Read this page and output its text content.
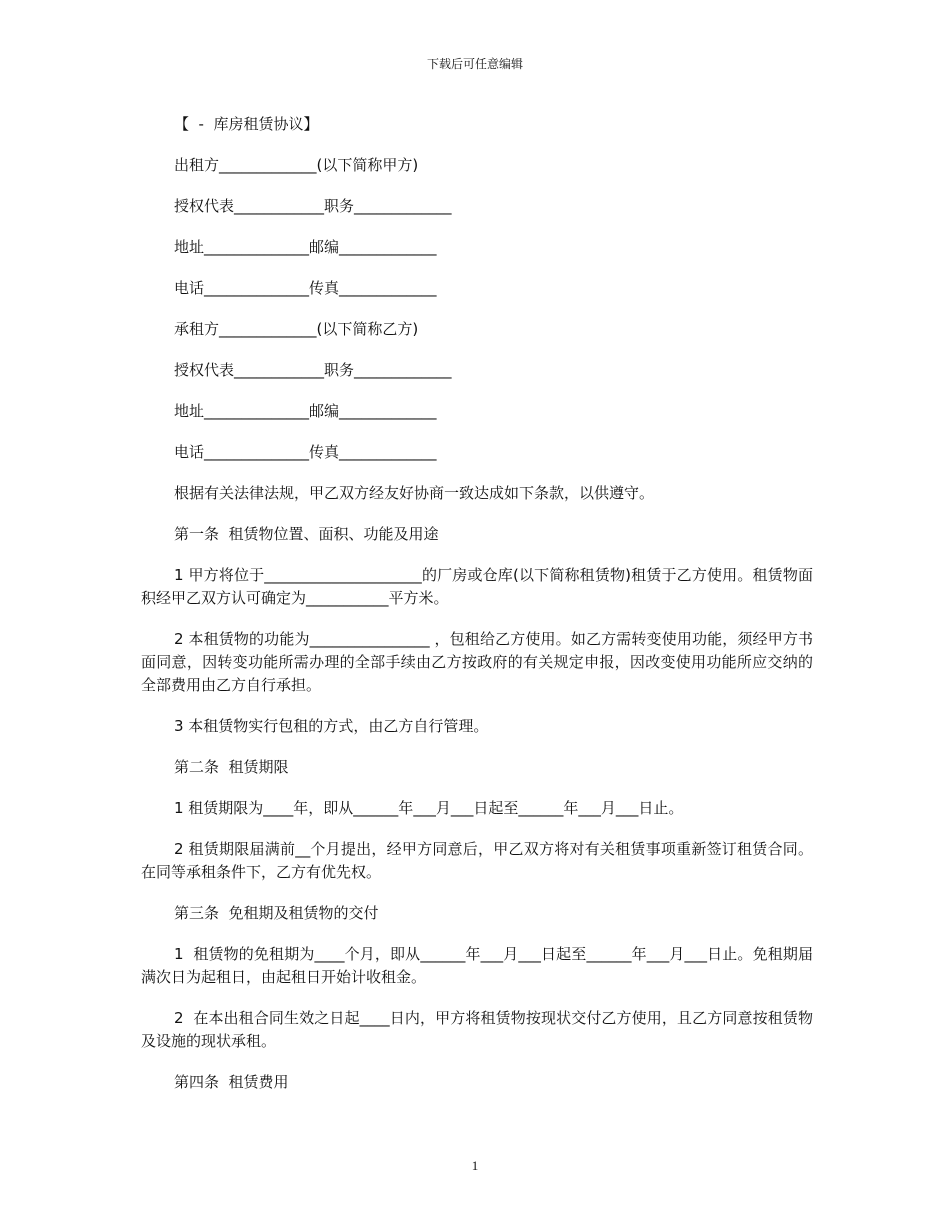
下载后可任意编辑

【  -  库房租赁协议】

出租方_____________(以下简称甲方)

授权代表____________职务_____________

地址______________邮编_____________

电话______________传真_____________

承租方_____________(以下简称乙方)

授权代表____________职务_____________

地址______________邮编_____________

电话______________传真_____________

根据有关法律法规，甲乙双方经友好协商一致达成如下条款，以供遵守。

第一条  租赁物位置、面积、功能及用途

1 甲方将位于_____________________的厂房或仓库(以下简称租赁物)租赁于乙方使用。租赁物面积经甲乙双方认可确定为___________平方米。

2 本租赁物的功能为________________ ，包租给乙方使用。如乙方需转变使用功能，须经甲方书面同意，因转变功能所需办理的全部手续由乙方按政府的有关规定申报，因改变使用功能所应交纳的全部费用由乙方自行承担。

3 本租赁物实行包租的方式，由乙方自行管理。

第二条  租赁期限

1 租赁期限为____年，即从______年___月___日起至______年___月___日止。

2 租赁期限届满前__个月提出，经甲方同意后，甲乙双方将对有关租赁事项重新签订租赁合同。在同等承租条件下，乙方有优先权。

第三条  免租期及租赁物的交付

1  租赁物的免租期为____个月，即从______年___月___日起至______年___月___日止。免租期届满次日为起租日，由起租日开始计收租金。

2  在本出租合同生效之日起____日内，甲方将租赁物按现状交付乙方使用，且乙方同意按租赁物及设施的现状承租。

第四条  租赁费用

1
